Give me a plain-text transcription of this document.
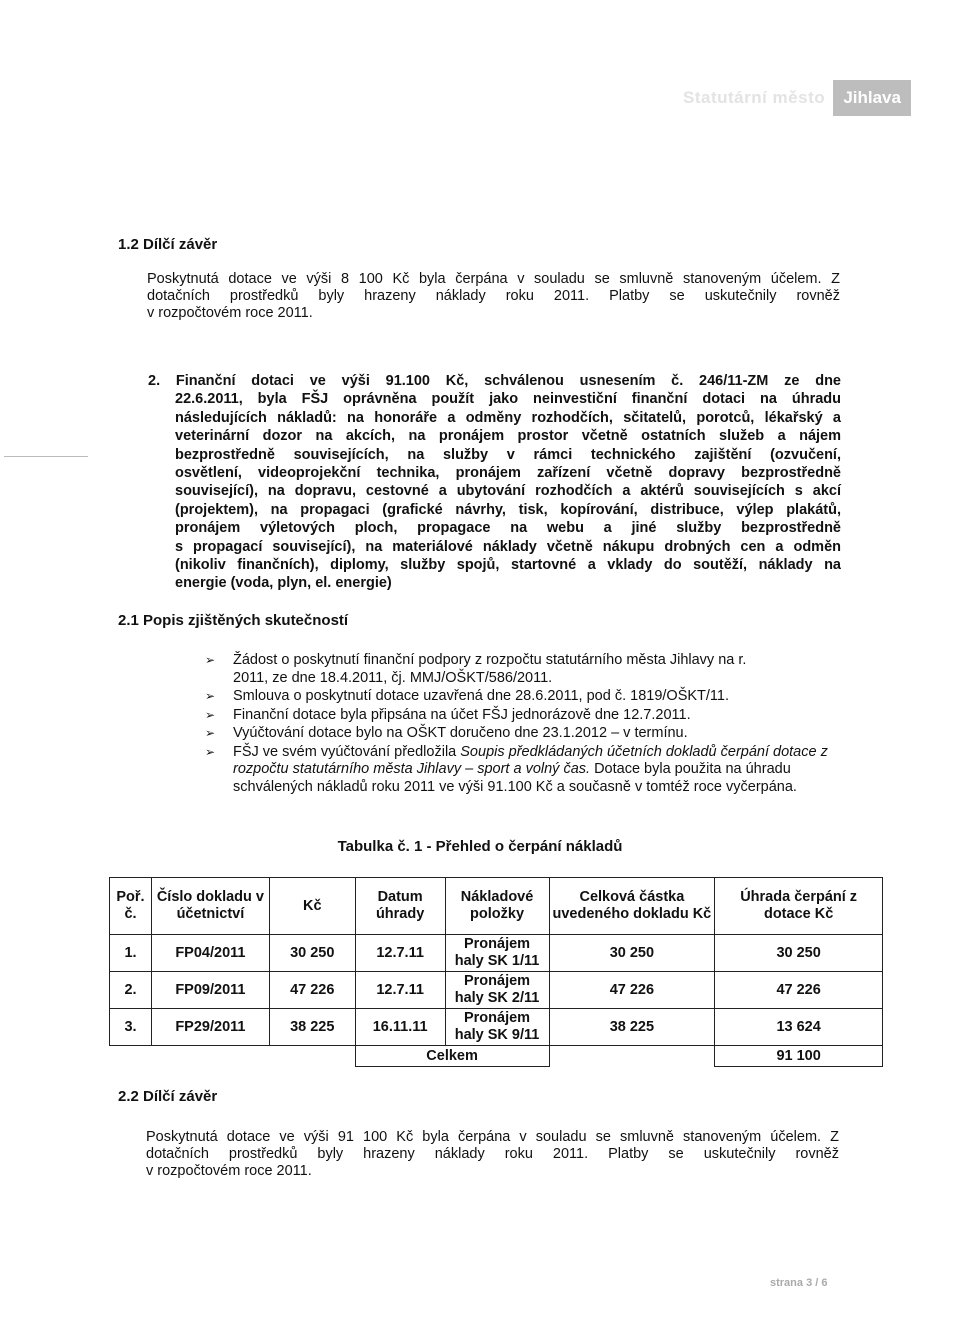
Statutární město	Jihlava
1.2 Dílčí závěr
Poskytnutá dotace ve výši 8 100 Kč byla čerpána v souladu se smluvně stanoveným účelem. Z
dotačních prostředků byly hrazeny náklady roku 2011. Platby se uskutečnily rovněž
v rozpočtovém roce 2011.
2. Finanční dotaci ve výši 91.100 Kč, schválenou usnesením č. 246/11-ZM ze dne
22.6.2011, byla FŠJ oprávněna použít jako neinvestiční finanční dotaci na úhradu
následujících nákladů: na honoráře a odměny rozhodčích, sčitatelů, porotců, lékařský a
veterinární dozor na akcích, na pronájem prostor včetně ostatních služeb a nájem
bezprostředně souvisejících, na služby v rámci technického zajištění (ozvučení,
osvětlení, videoprojekční technika, pronájem zařízení včetně dopravy bezprostředně
související), na dopravu, cestovné a ubytování rozhodčích a aktérů souvisejících s akcí
(projektem), na propagaci (grafické návrhy, tisk, kopírování, distribuce, výlep plakátů,
pronájem výletových ploch, propagace na webu a jiné služby bezprostředně
s propagací související), na materiálové náklady včetně nákupu drobných cen a odměn
(nikoliv finančních), diplomy, služby spojů, startovné a vklady do soutěží, náklady na
energie (voda, plyn, el. energie)
2.1 Popis zjištěných skutečností
➢	Žádost o poskytnutí finanční podpory z rozpočtu statutárního města Jihlavy na r.
2011, ze dne 18.4.2011, čj. MMJ/OŠKT/586/2011.
➢	Smlouva o poskytnutí dotace uzavřená dne 28.6.2011, pod č. 1819/OŠKT/11.
➢	Finanční dotace byla připsána na účet FŠJ jednorázově dne 12.7.2011.
➢	Vyúčtování dotace bylo na OŠKT doručeno dne 23.1.2012 – v termínu.
➢	FŠJ ve svém vyúčtování předložila Soupis předkládaných účetních dokladů čerpání dotace z rozpočtu statutárního města Jihlavy – sport a volný čas. Dotace byla použita na úhradu schválených nákladů roku 2011 ve výši 91.100 Kč a současně v tomtéž roce vyčerpána.
Tabulka č. 1 - Přehled o čerpání nákladů
Poř. č.	Číslo dokladu v účetnictví	Kč	Datum úhrady	Nákladové položky	Celková částka uvedeného dokladu Kč	Úhrada čerpání z dotace Kč
1.	FP04/2011	30 250	12.7.11	Pronájem haly SK 1/11	30 250	30 250
2.	FP09/2011	47 226	12.7.11	Pronájem haly SK 2/11	47 226	47 226
3.	FP29/2011	38 225	16.11.11	Pronájem haly SK 9/11	38 225	13 624
			Celkem			91 100
2.2 Dílčí závěr
Poskytnutá dotace ve výši 91 100 Kč byla čerpána v souladu se smluvně stanoveným účelem. Z
dotačních prostředků byly hrazeny náklady roku 2011. Platby se uskutečnily rovněž
v rozpočtovém roce 2011.
strana 3 / 6
